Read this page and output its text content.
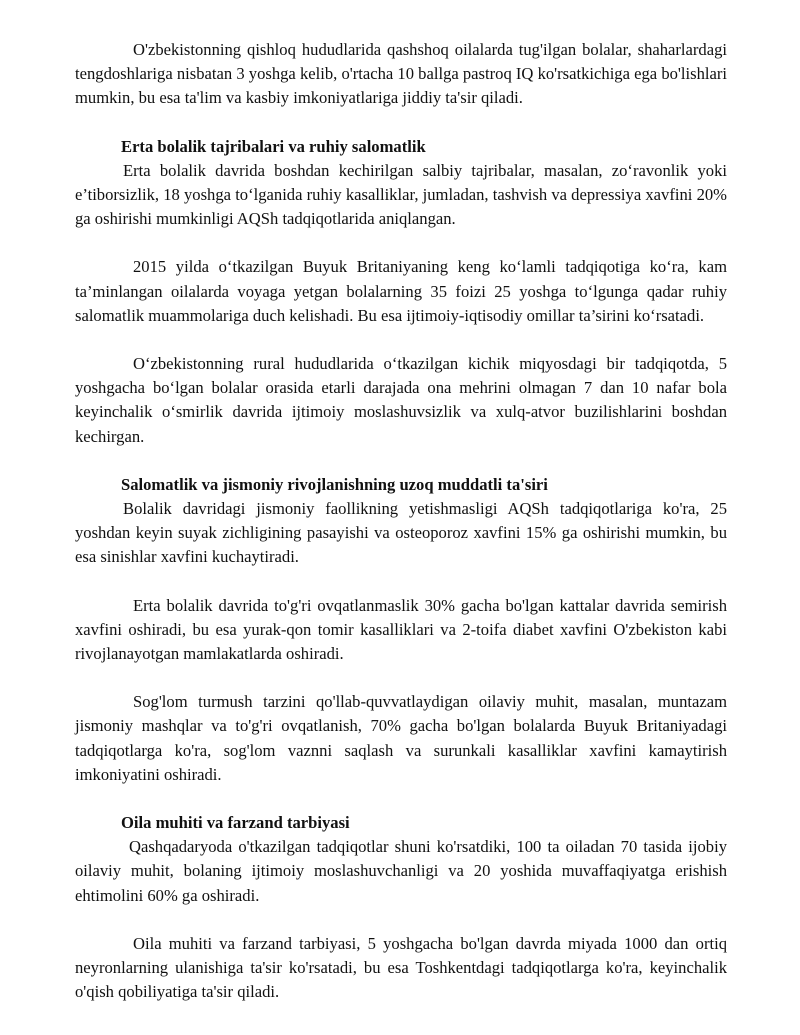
O'zbekistonning qishloq hududlarida qashshoq oilalarda tug'ilgan bolalar, shaharlardagi tengdoshlariga nisbatan 3 yoshga kelib, o'rtacha 10 ballga pastroq IQ ko'rsatkichiga ega bo'lishlari mumkin, bu esa ta'lim va kasbiy imkoniyatlariga jiddiy ta'sir qiladi.

Erta bolalik tajribalari va ruhiy salomatlik

Erta bolalik davrida boshdan kechirilgan salbiy tajribalar, masalan, zo‘ravonlik yoki e’tiborsizlik, 18 yoshga to‘lganida ruhiy kasalliklar, jumladan, tashvish va depressiya xavfini 20% ga oshirishi mumkinligi AQSh tadqiqotlarida aniqlangan.

2015 yilda o‘tkazilgan Buyuk Britaniyaning keng ko‘lamli tadqiqotiga ko‘ra, kam ta’minlangan oilalarda voyaga yetgan bolalarning 35 foizi 25 yoshga to‘lgunga qadar ruhiy salomatlik muammolariga duch kelishadi. Bu esa ijtimoiy-iqtisodiy omillar ta’sirini ko‘rsatadi.

O‘zbekistonning rural hududlarida o‘tkazilgan kichik miqyosdagi bir tadqiqotda, 5 yoshgacha bo‘lgan bolalar orasida etarli darajada ona mehrini olmagan 7 dan 10 nafar bola keyinchalik o‘smirlik davrida ijtimoiy moslashuvsizlik va xulq-atvor buzilishlarini boshdan kechirgan.

Salomatlik va jismoniy rivojlanishning uzoq muddatli ta'siri

Bolalik davridagi jismoniy faollikning yetishmasligi AQSh tadqiqotlariga ko'ra, 25 yoshdan keyin suyak zichligining pasayishi va osteoporoz xavfini 15% ga oshirishi mumkin, bu esa sinishlar xavfini kuchaytiradi.

Erta bolalik davrida to'g'ri ovqatlanmaslik 30% gacha bo'lgan kattalar davrida semirish xavfini oshiradi, bu esa yurak-qon tomir kasalliklari va 2-toifa diabet xavfini O'zbekiston kabi rivojlanayotgan mamlakatlarda oshiradi.

Sog'lom turmush tarzini qo'llab-quvvatlaydigan oilaviy muhit, masalan, muntazam jismoniy mashqlar va to'g'ri ovqatlanish, 70% gacha bo'lgan bolalarda Buyuk Britaniyadagi tadqiqotlarga ko'ra, sog'lom vaznni saqlash va surunkali kasalliklar xavfini kamaytirish imkoniyatini oshiradi.

Oila muhiti va farzand tarbiyasi

Qashqadaryoda o'tkazilgan tadqiqotlar shuni ko'rsatdiki, 100 ta oiladan 70 tasida ijobiy oilaviy muhit, bolaning ijtimoiy moslashuvchanligi va 20 yoshida muvaffaqiyatga erishish ehtimolini 60% ga oshiradi.

Oila muhiti va farzand tarbiyasi, 5 yoshgacha bo'lgan davrda miyada 1000 dan ortiq neyronlarning ulanishiga ta'sir ko'rsatadi, bu esa Toshkentdagi tadqiqotlarga ko'ra, keyinchalik o'qish qobiliyatiga ta'sir qiladi.
